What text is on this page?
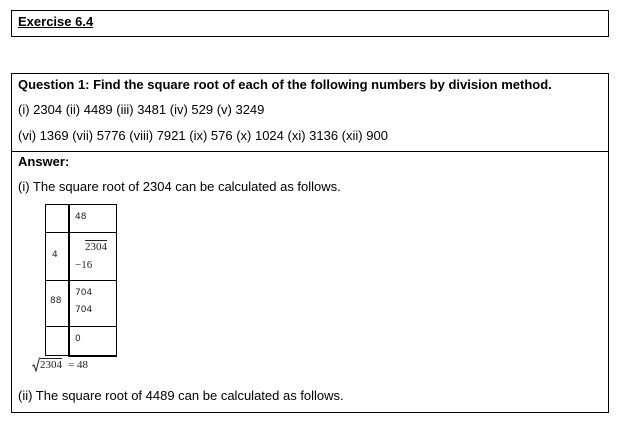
Exercise 6.4
Question 1: Find the square root of each of the following numbers by division method.
(i) 2304 (ii) 4489 (iii) 3481 (iv) 529 (v) 3249
(vi) 1369 (vii) 5776 (viii) 7921 (ix) 576 (x) 1024 (xi) 3136 (xii) 900
Answer:
(i) The square root of 2304 can be calculated as follows.
48
4
2304
−16
88
704
704
0
2304 = 48
(ii) The square root of 4489 can be calculated as follows.
